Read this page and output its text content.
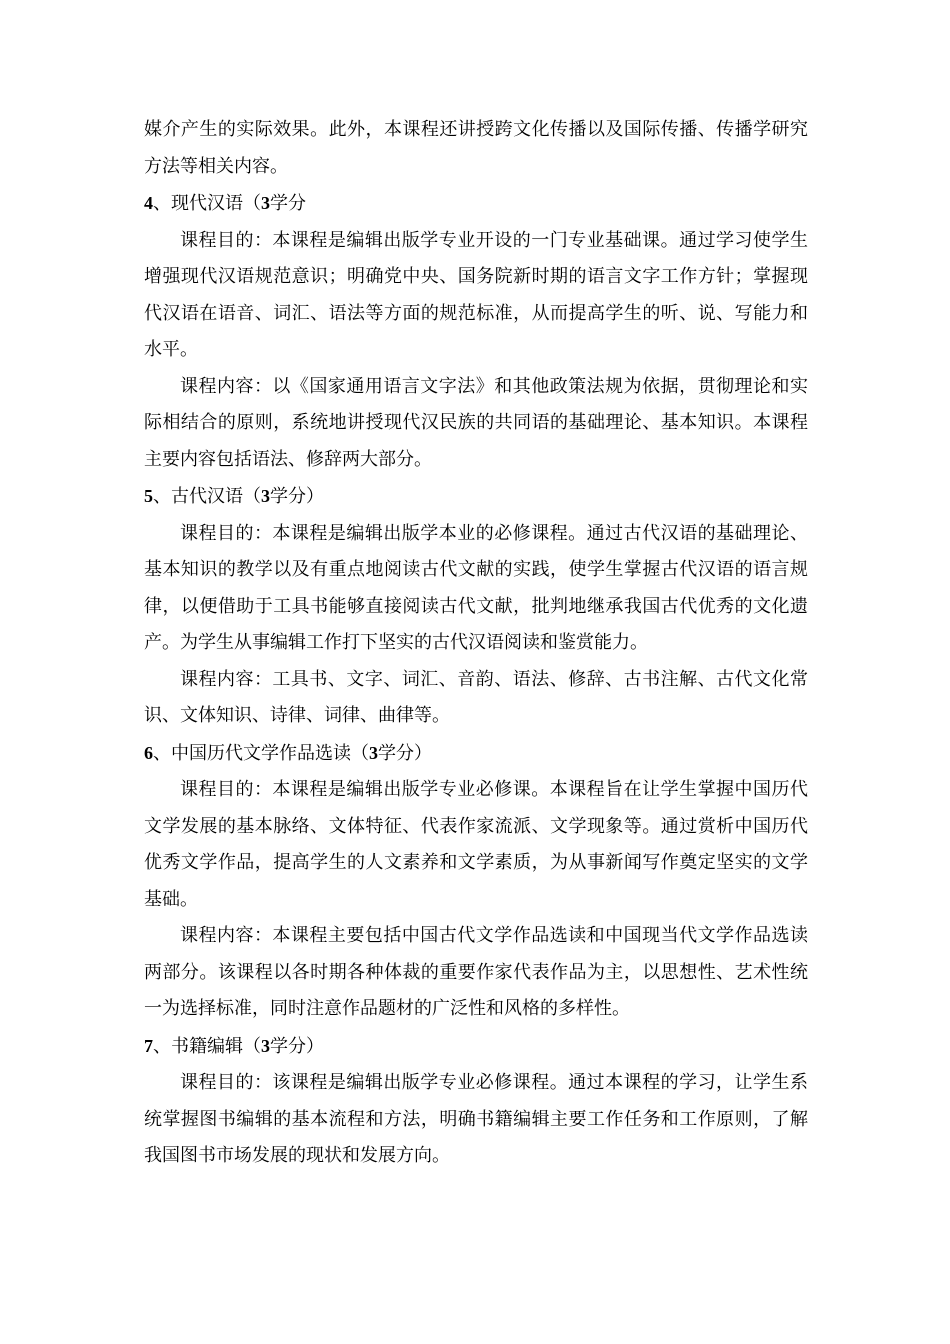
媒介产生的实际效果。此外，本课程还讲授跨文化传播以及国际传播、传播学研究方法等相关内容。

4、现代汉语（3学分

课程目的：本课程是编辑出版学专业开设的一门专业基础课。通过学习使学生增强现代汉语规范意识；明确党中央、国务院新时期的语言文字工作方针；掌握现代汉语在语音、词汇、语法等方面的规范标准，从而提高学生的听、说、写能力和水平。

课程内容：以《国家通用语言文字法》和其他政策法规为依据，贯彻理论和实际相结合的原则，系统地讲授现代汉民族的共同语的基础理论、基本知识。本课程主要内容包括语法、修辞两大部分。

5、古代汉语（3学分）

课程目的：本课程是编辑出版学本业的必修课程。通过古代汉语的基础理论、基本知识的教学以及有重点地阅读古代文献的实践，使学生掌握古代汉语的语言规律，以便借助于工具书能够直接阅读古代文献，批判地继承我国古代优秀的文化遗产。为学生从事编辑工作打下坚实的古代汉语阅读和鉴赏能力。

课程内容：工具书、文字、词汇、音韵、语法、修辞、古书注解、古代文化常识、文体知识、诗律、词律、曲律等。

6、中国历代文学作品选读（3学分）

课程目的：本课程是编辑出版学专业必修课。本课程旨在让学生掌握中国历代文学发展的基本脉络、文体特征、代表作家流派、文学现象等。通过赏析中国历代优秀文学作品，提高学生的人文素养和文学素质，为从事新闻写作奠定坚实的文学基础。

课程内容：本课程主要包括中国古代文学作品选读和中国现当代文学作品选读两部分。该课程以各时期各种体裁的重要作家代表作品为主，以思想性、艺术性统一为选择标准，同时注意作品题材的广泛性和风格的多样性。

7、书籍编辑（3学分）

课程目的：该课程是编辑出版学专业必修课程。通过本课程的学习，让学生系统掌握图书编辑的基本流程和方法，明确书籍编辑主要工作任务和工作原则，了解我国图书市场发展的现状和发展方向。
